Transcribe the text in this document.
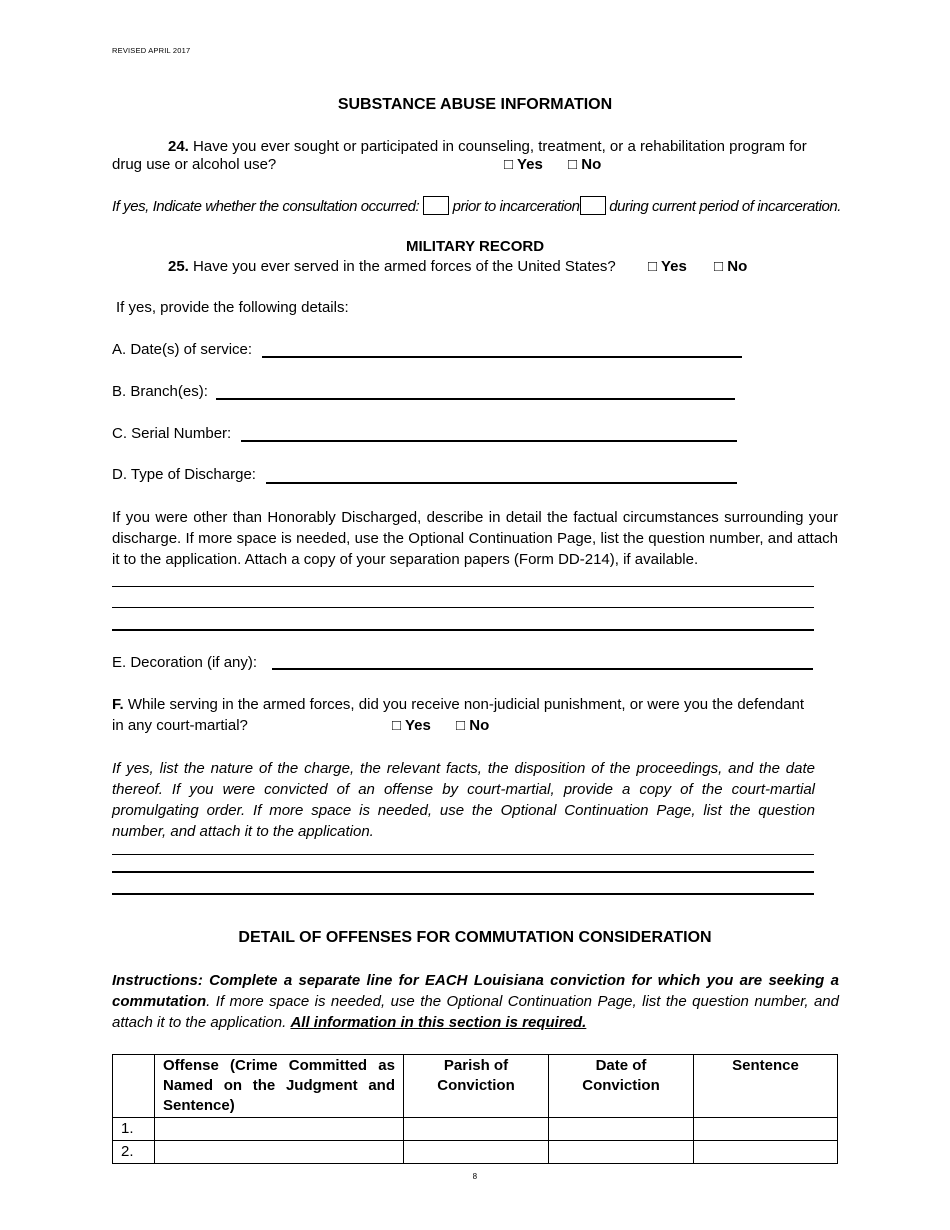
REVISED APRIL 2017
SUBSTANCE ABUSE INFORMATION
24. Have you ever sought or participated in counseling, treatment, or a rehabilitation program for
drug use or alcohol use?	□ Yes □ No
If yes, Indicate whether the consultation occurred: prior to incarceration during current period of incarceration.
MILITARY RECORD
25. Have you ever served in the armed forces of the United States? □ Yes □ No
If yes, provide the following details:
A. Date(s) of service:
B. Branch(es):
C. Serial Number:
D. Type of Discharge:
If you were other than Honorably Discharged, describe in detail the factual circumstances surrounding your discharge. If more space is needed, use the Optional Continuation Page, list the question number, and attach it to the application. Attach a copy of your separation papers (Form DD-214), if available.
E. Decoration (if any):
F. While serving in the armed forces, did you receive non-judicial punishment, or were you the defendant
in any court-martial?	□ Yes □ No
If yes, list the nature of the charge, the relevant facts, the disposition of the proceedings, and the date thereof. If you were convicted of an offense by court-martial, provide a copy of the court-martial promulgating order. If more space is needed, use the Optional Continuation Page, list the question number, and attach it to the application.
DETAIL OF OFFENSES FOR COMMUTATION CONSIDERATION
Instructions: Complete a separate line for EACH Louisiana conviction for which you are seeking a commutation. If more space is needed, use the Optional Continuation Page, list the question number, and attach it to the application. All information in this section is required.
	Offense (Crime Committed as Named on the Judgment and Sentence)	Parish of Conviction	Date of Conviction	Sentence
1.				
2.				
8
